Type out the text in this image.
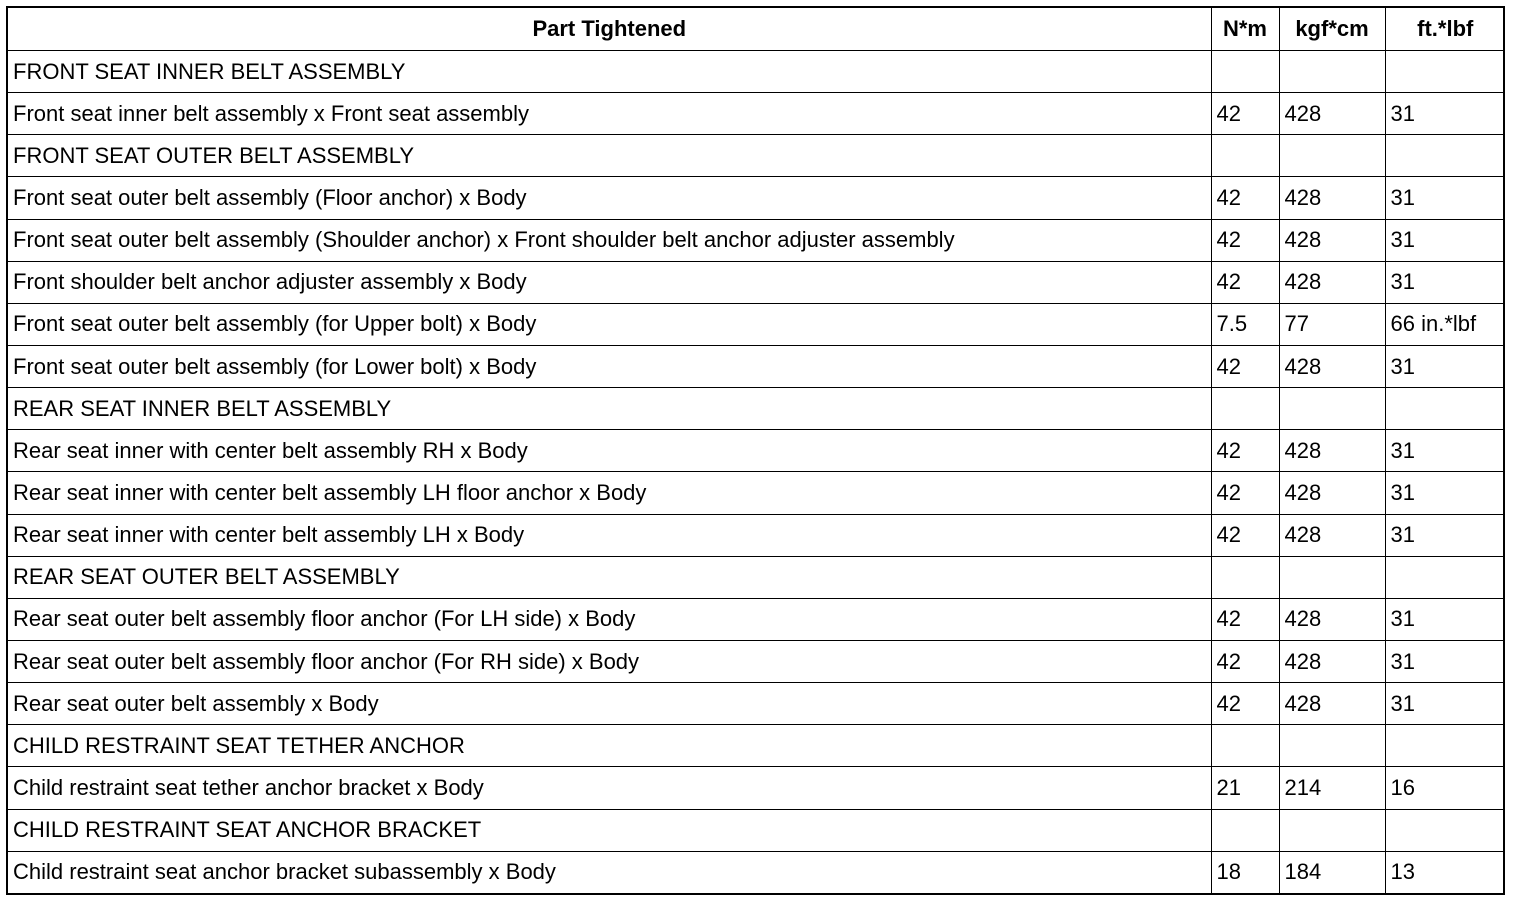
Part Tightened	N*m	kgf*cm	ft.*lbf
FRONT SEAT INNER BELT ASSEMBLY			
Front seat inner belt assembly x Front seat assembly	42	428	31
FRONT SEAT OUTER BELT ASSEMBLY			
Front seat outer belt assembly (Floor anchor) x Body	42	428	31
Front seat outer belt assembly (Shoulder anchor) x Front shoulder belt anchor adjuster assembly	42	428	31
Front shoulder belt anchor adjuster assembly x Body	42	428	31
Front seat outer belt assembly (for Upper bolt) x Body	7.5	77	66 in.*lbf
Front seat outer belt assembly (for Lower bolt) x Body	42	428	31
REAR SEAT INNER BELT ASSEMBLY			
Rear seat inner with center belt assembly RH x Body	42	428	31
Rear seat inner with center belt assembly LH floor anchor x Body	42	428	31
Rear seat inner with center belt assembly LH x Body	42	428	31
REAR SEAT OUTER BELT ASSEMBLY			
Rear seat outer belt assembly floor anchor (For LH side) x Body	42	428	31
Rear seat outer belt assembly floor anchor (For RH side) x Body	42	428	31
Rear seat outer belt assembly x Body	42	428	31
CHILD RESTRAINT SEAT TETHER ANCHOR			
Child restraint seat tether anchor bracket x Body	21	214	16
CHILD RESTRAINT SEAT ANCHOR BRACKET			
Child restraint seat anchor bracket subassembly x Body	18	184	13
